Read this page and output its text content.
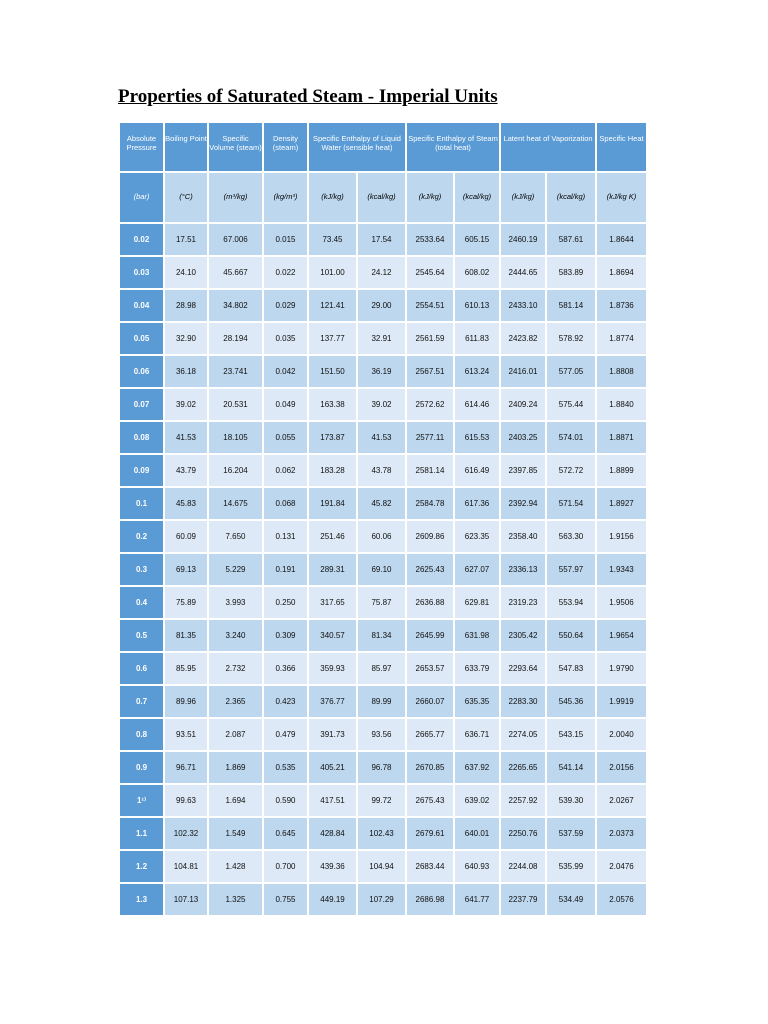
Properties of Saturated Steam - Imperial Units
Absolute Pressure	Boiling Point	Specific Volume (steam)	Density (steam)	Specific Enthalpy of Liquid Water (sensible heat)		Specific Enthalpy of Steam (total heat)		Latent heat of Vaporization		Specific Heat
(bar)	(°C)	(m³/kg)	(kg/m³)	(kJ/kg)	(kcal/kg)	(kJ/kg)	(kcal/kg)	(kJ/kg)	(kcal/kg)	(kJ/kg K)
0.02	17.51	67.006	0.015	73.45	17.54	2533.64	605.15	2460.19	587.61	1.8644
0.03	24.10	45.667	0.022	101.00	24.12	2545.64	608.02	2444.65	583.89	1.8694
0.04	28.98	34.802	0.029	121.41	29.00	2554.51	610.13	2433.10	581.14	1.8736
0.05	32.90	28.194	0.035	137.77	32.91	2561.59	611.83	2423.82	578.92	1.8774
0.06	36.18	23.741	0.042	151.50	36.19	2567.51	613.24	2416.01	577.05	1.8808
0.07	39.02	20.531	0.049	163.38	39.02	2572.62	614.46	2409.24	575.44	1.8840
0.08	41.53	18.105	0.055	173.87	41.53	2577.11	615.53	2403.25	574.01	1.8871
0.09	43.79	16.204	0.062	183.28	43.78	2581.14	616.49	2397.85	572.72	1.8899
0.1	45.83	14.675	0.068	191.84	45.82	2584.78	617.36	2392.94	571.54	1.8927
0.2	60.09	7.650	0.131	251.46	60.06	2609.86	623.35	2358.40	563.30	1.9156
0.3	69.13	5.229	0.191	289.31	69.10	2625.43	627.07	2336.13	557.97	1.9343
0.4	75.89	3.993	0.250	317.65	75.87	2636.88	629.81	2319.23	553.94	1.9506
0.5	81.35	3.240	0.309	340.57	81.34	2645.99	631.98	2305.42	550.64	1.9654
0.6	85.95	2.732	0.366	359.93	85.97	2653.57	633.79	2293.64	547.83	1.9790
0.7	89.96	2.365	0.423	376.77	89.99	2660.07	635.35	2283.30	545.36	1.9919
0.8	93.51	2.087	0.479	391.73	93.56	2665.77	636.71	2274.05	543.15	2.0040
0.9	96.71	1.869	0.535	405.21	96.78	2670.85	637.92	2265.65	541.14	2.0156
1¹⁾	99.63	1.694	0.590	417.51	99.72	2675.43	639.02	2257.92	539.30	2.0267
1.1	102.32	1.549	0.645	428.84	102.43	2679.61	640.01	2250.76	537.59	2.0373
1.2	104.81	1.428	0.700	439.36	104.94	2683.44	640.93	2244.08	535.99	2.0476
1.3	107.13	1.325	0.755	449.19	107.29	2686.98	641.77	2237.79	534.49	2.0576
